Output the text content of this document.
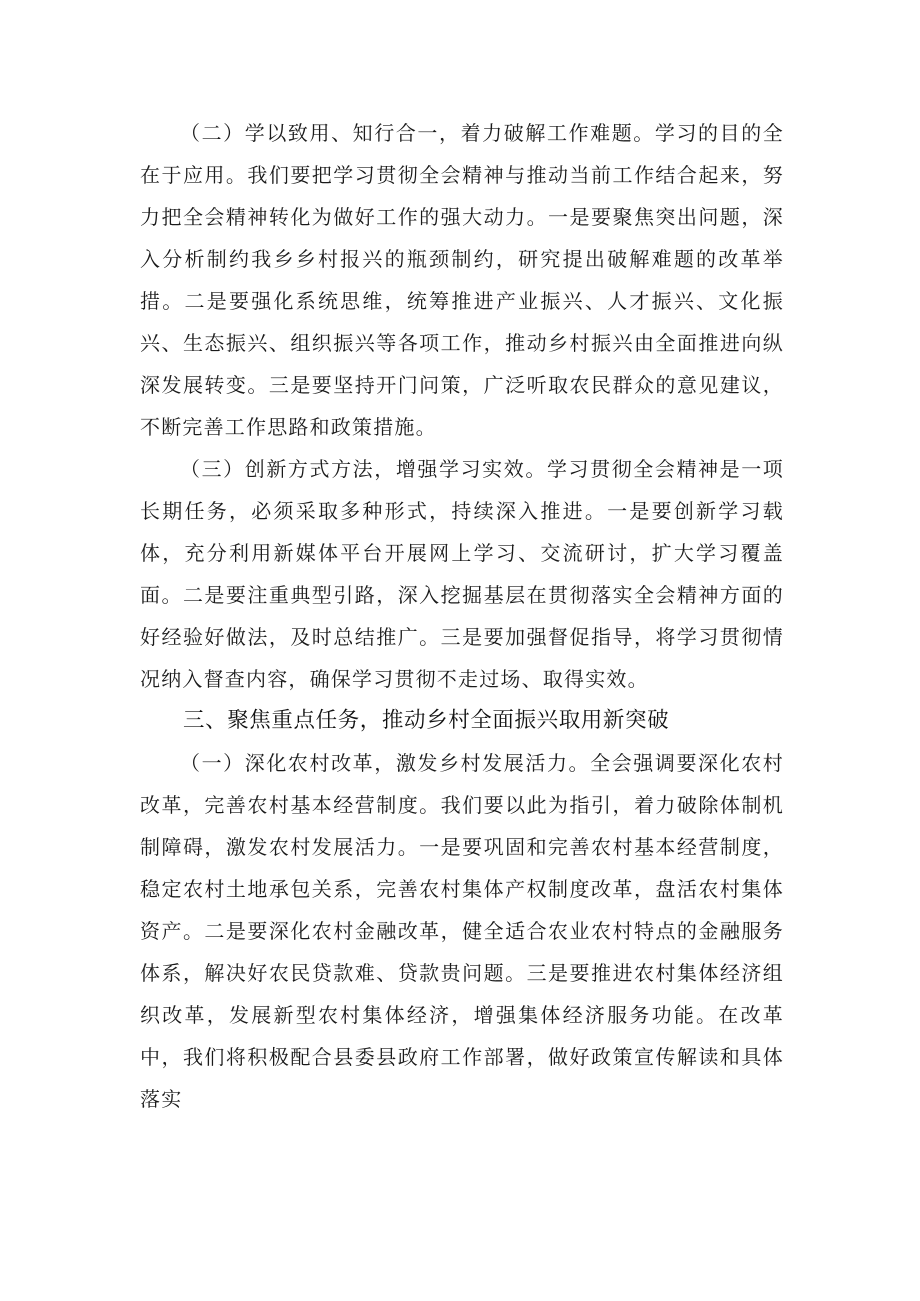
（二）学以致用、知行合一，着力破解工作难题。学习的目的全在于应用。我们要把学习贯彻全会精神与推动当前工作结合起来，努力把全会精神转化为做好工作的强大动力。一是要聚焦突出问题，深入分析制约我乡乡村报兴的瓶颈制约，研究提出破解难题的改革举措。二是要强化系统思维，统筹推进产业振兴、人才振兴、文化振兴、生态振兴、组织振兴等各项工作，推动乡村振兴由全面推进向纵深发展转变。三是要坚持开门问策，广泛听取农民群众的意见建议，不断完善工作思路和政策措施。

（三）创新方式方法，增强学习实效。学习贯彻全会精神是一项长期任务，必须采取多种形式，持续深入推进。一是要创新学习载体，充分利用新媒体平台开展网上学习、交流研讨，扩大学习覆盖面。二是要注重典型引路，深入挖掘基层在贯彻落实全会精神方面的好经验好做法，及时总结推广。三是要加强督促指导，将学习贯彻情况纳入督查内容，确保学习贯彻不走过场、取得实效。

三、聚焦重点任务，推动乡村全面振兴取用新突破

（一）深化农村改革，激发乡村发展活力。全会强调要深化农村改革，完善农村基本经营制度。我们要以此为指引，着力破除体制机制障碍，激发农村发展活力。一是要巩固和完善农村基本经营制度，稳定农村土地承包关系，完善农村集体产权制度改革，盘活农村集体资产。二是要深化农村金融改革，健全适合农业农村特点的金融服务体系，解决好农民贷款难、贷款贵问题。三是要推进农村集体经济组织改革，发展新型农村集体经济，增强集体经济服务功能。在改革中，我们将积极配合县委县政府工作部署，做好政策宣传解读和具体落实
